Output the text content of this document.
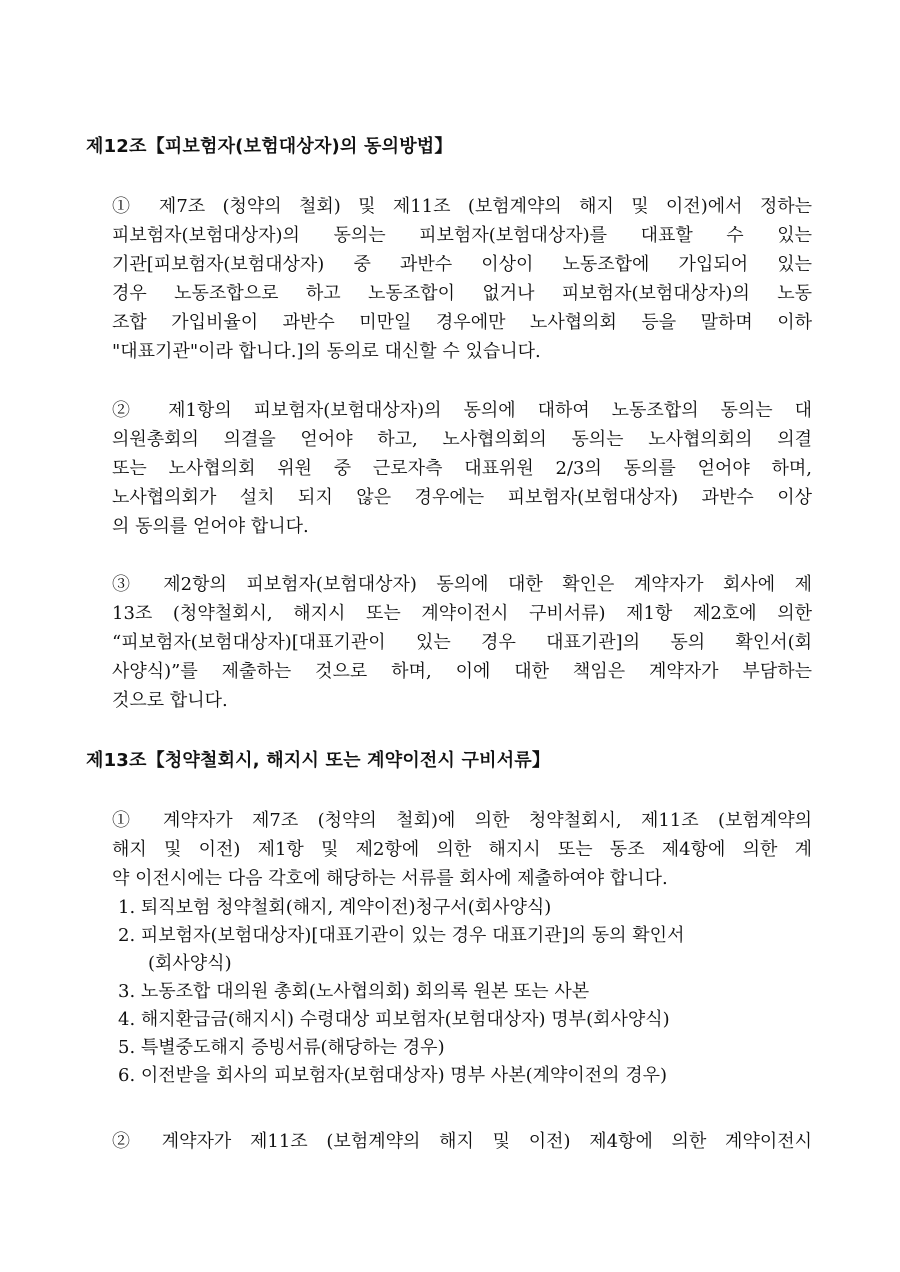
제12조【피보험자(보험대상자)의 동의방법】

① 제7조 (청약의 철회) 및 제11조 (보험계약의 해지 및 이전)에서 정하는
피보험자(보험대상자)의 동의는 피보험자(보험대상자)를 대표할 수 있는
기관[피보험자(보험대상자) 중 과반수 이상이 노동조합에 가입되어 있는
경우 노동조합으로 하고 노동조합이 없거나 피보험자(보험대상자)의 노동
조합 가입비율이 과반수 미만일 경우에만 노사협의회 등을 말하며 이하
"대표기관"이라 합니다.]의 동의로 대신할 수 있습니다.

② 제1항의 피보험자(보험대상자)의 동의에 대하여 노동조합의 동의는 대
의원총회의 의결을 얻어야 하고, 노사협의회의 동의는 노사협의회의 의결
또는 노사협의회 위원 중 근로자측 대표위원 2/3의 동의를 얻어야 하며,
노사협의회가 설치 되지 않은 경우에는 피보험자(보험대상자) 과반수 이상
의 동의를 얻어야 합니다.

③ 제2항의 피보험자(보험대상자) 동의에 대한 확인은 계약자가 회사에 제
13조 (청약철회시, 해지시 또는 계약이전시 구비서류) 제1항 제2호에 의한
“피보험자(보험대상자)[대표기관이 있는 경우 대표기관]의 동의 확인서(회
사양식)”를 제출하는 것으로 하며, 이에 대한 책임은 계약자가 부담하는
것으로 합니다.

제13조【청약철회시, 해지시 또는 계약이전시 구비서류】

① 계약자가 제7조 (청약의 철회)에 의한 청약철회시, 제11조 (보험계약의
해지 및 이전) 제1항 및 제2항에 의한 해지시 또는 동조 제4항에 의한 계
약 이전시에는 다음 각호에 해당하는 서류를 회사에 제출하여야 합니다.

1. 퇴직보험 청약철회(해지, 계약이전)청구서(회사양식)
2. 피보험자(보험대상자)[대표기관이 있는 경우 대표기관]의 동의 확인서
(회사양식)
3. 노동조합 대의원 총회(노사협의회) 회의록 원본 또는 사본
4. 해지환급금(해지시) 수령대상 피보험자(보험대상자) 명부(회사양식)
5. 특별중도해지 증빙서류(해당하는 경우)
6. 이전받을 회사의 피보험자(보험대상자) 명부 사본(계약이전의 경우)

② 계약자가 제11조 (보험계약의 해지 및 이전) 제4항에 의한 계약이전시
